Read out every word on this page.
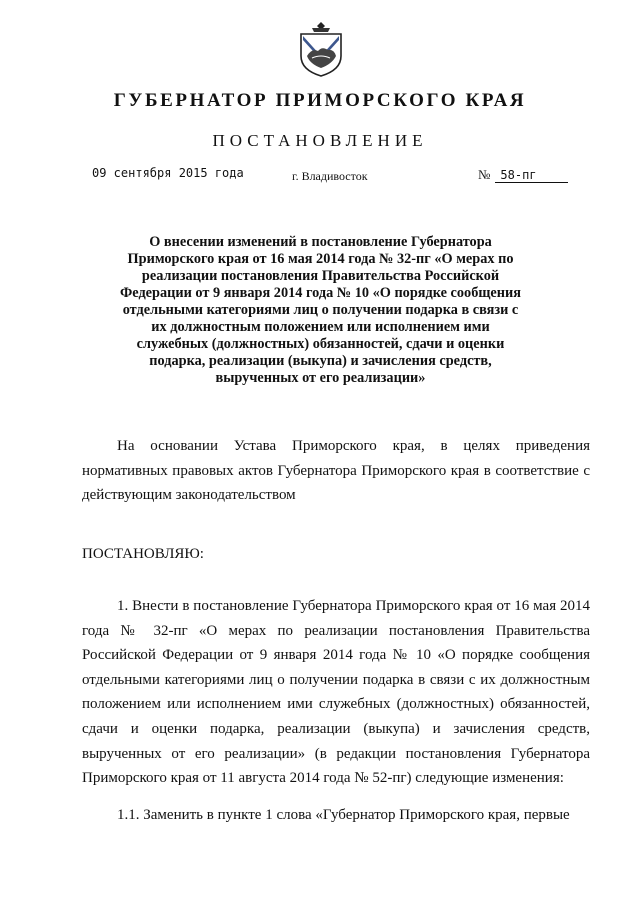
ГУБЕРНАТОР ПРИМОРСКОГО КРАЯ
ПОСТАНОВЛЕНИЕ
09 сентября 2015 года	г. Владивосток	№ 58-пг
О внесении изменений в постановление Губернатора Приморского края от 16 мая 2014 года № 32-пг «О мерах по реализации постановления Правительства Российской Федерации от 9 января 2014 года № 10 «О порядке сообщения отдельными категориями лиц о получении подарка в связи с их должностным положением или исполнением ими служебных (должностных) обязанностей, сдачи и оценки подарка, реализации (выкупа) и зачисления средств, вырученных от его реализации»

На основании Устава Приморского края, в целях приведения нормативных правовых актов Губернатора Приморского края в соответствие с действующим законодательством

ПОСТАНОВЛЯЮ:

1. Внести в постановление Губернатора Приморского края от 16 мая 2014 года № 32-пг «О мерах по реализации постановления Правительства Российской Федерации от 9 января 2014 года № 10 «О порядке сообщения отдельными категориями лиц о получении подарка в связи с их должностным положением или исполнением ими служебных (должностных) обязанностей, сдачи и оценки подарка, реализации (выкупа) и зачисления средств, вырученных от его реализации» (в редакции постановления Губернатора Приморского края от 11 августа 2014 года № 52-пг) следующие изменения:

1.1. Заменить в пункте 1 слова «Губернатор Приморского края, первые
